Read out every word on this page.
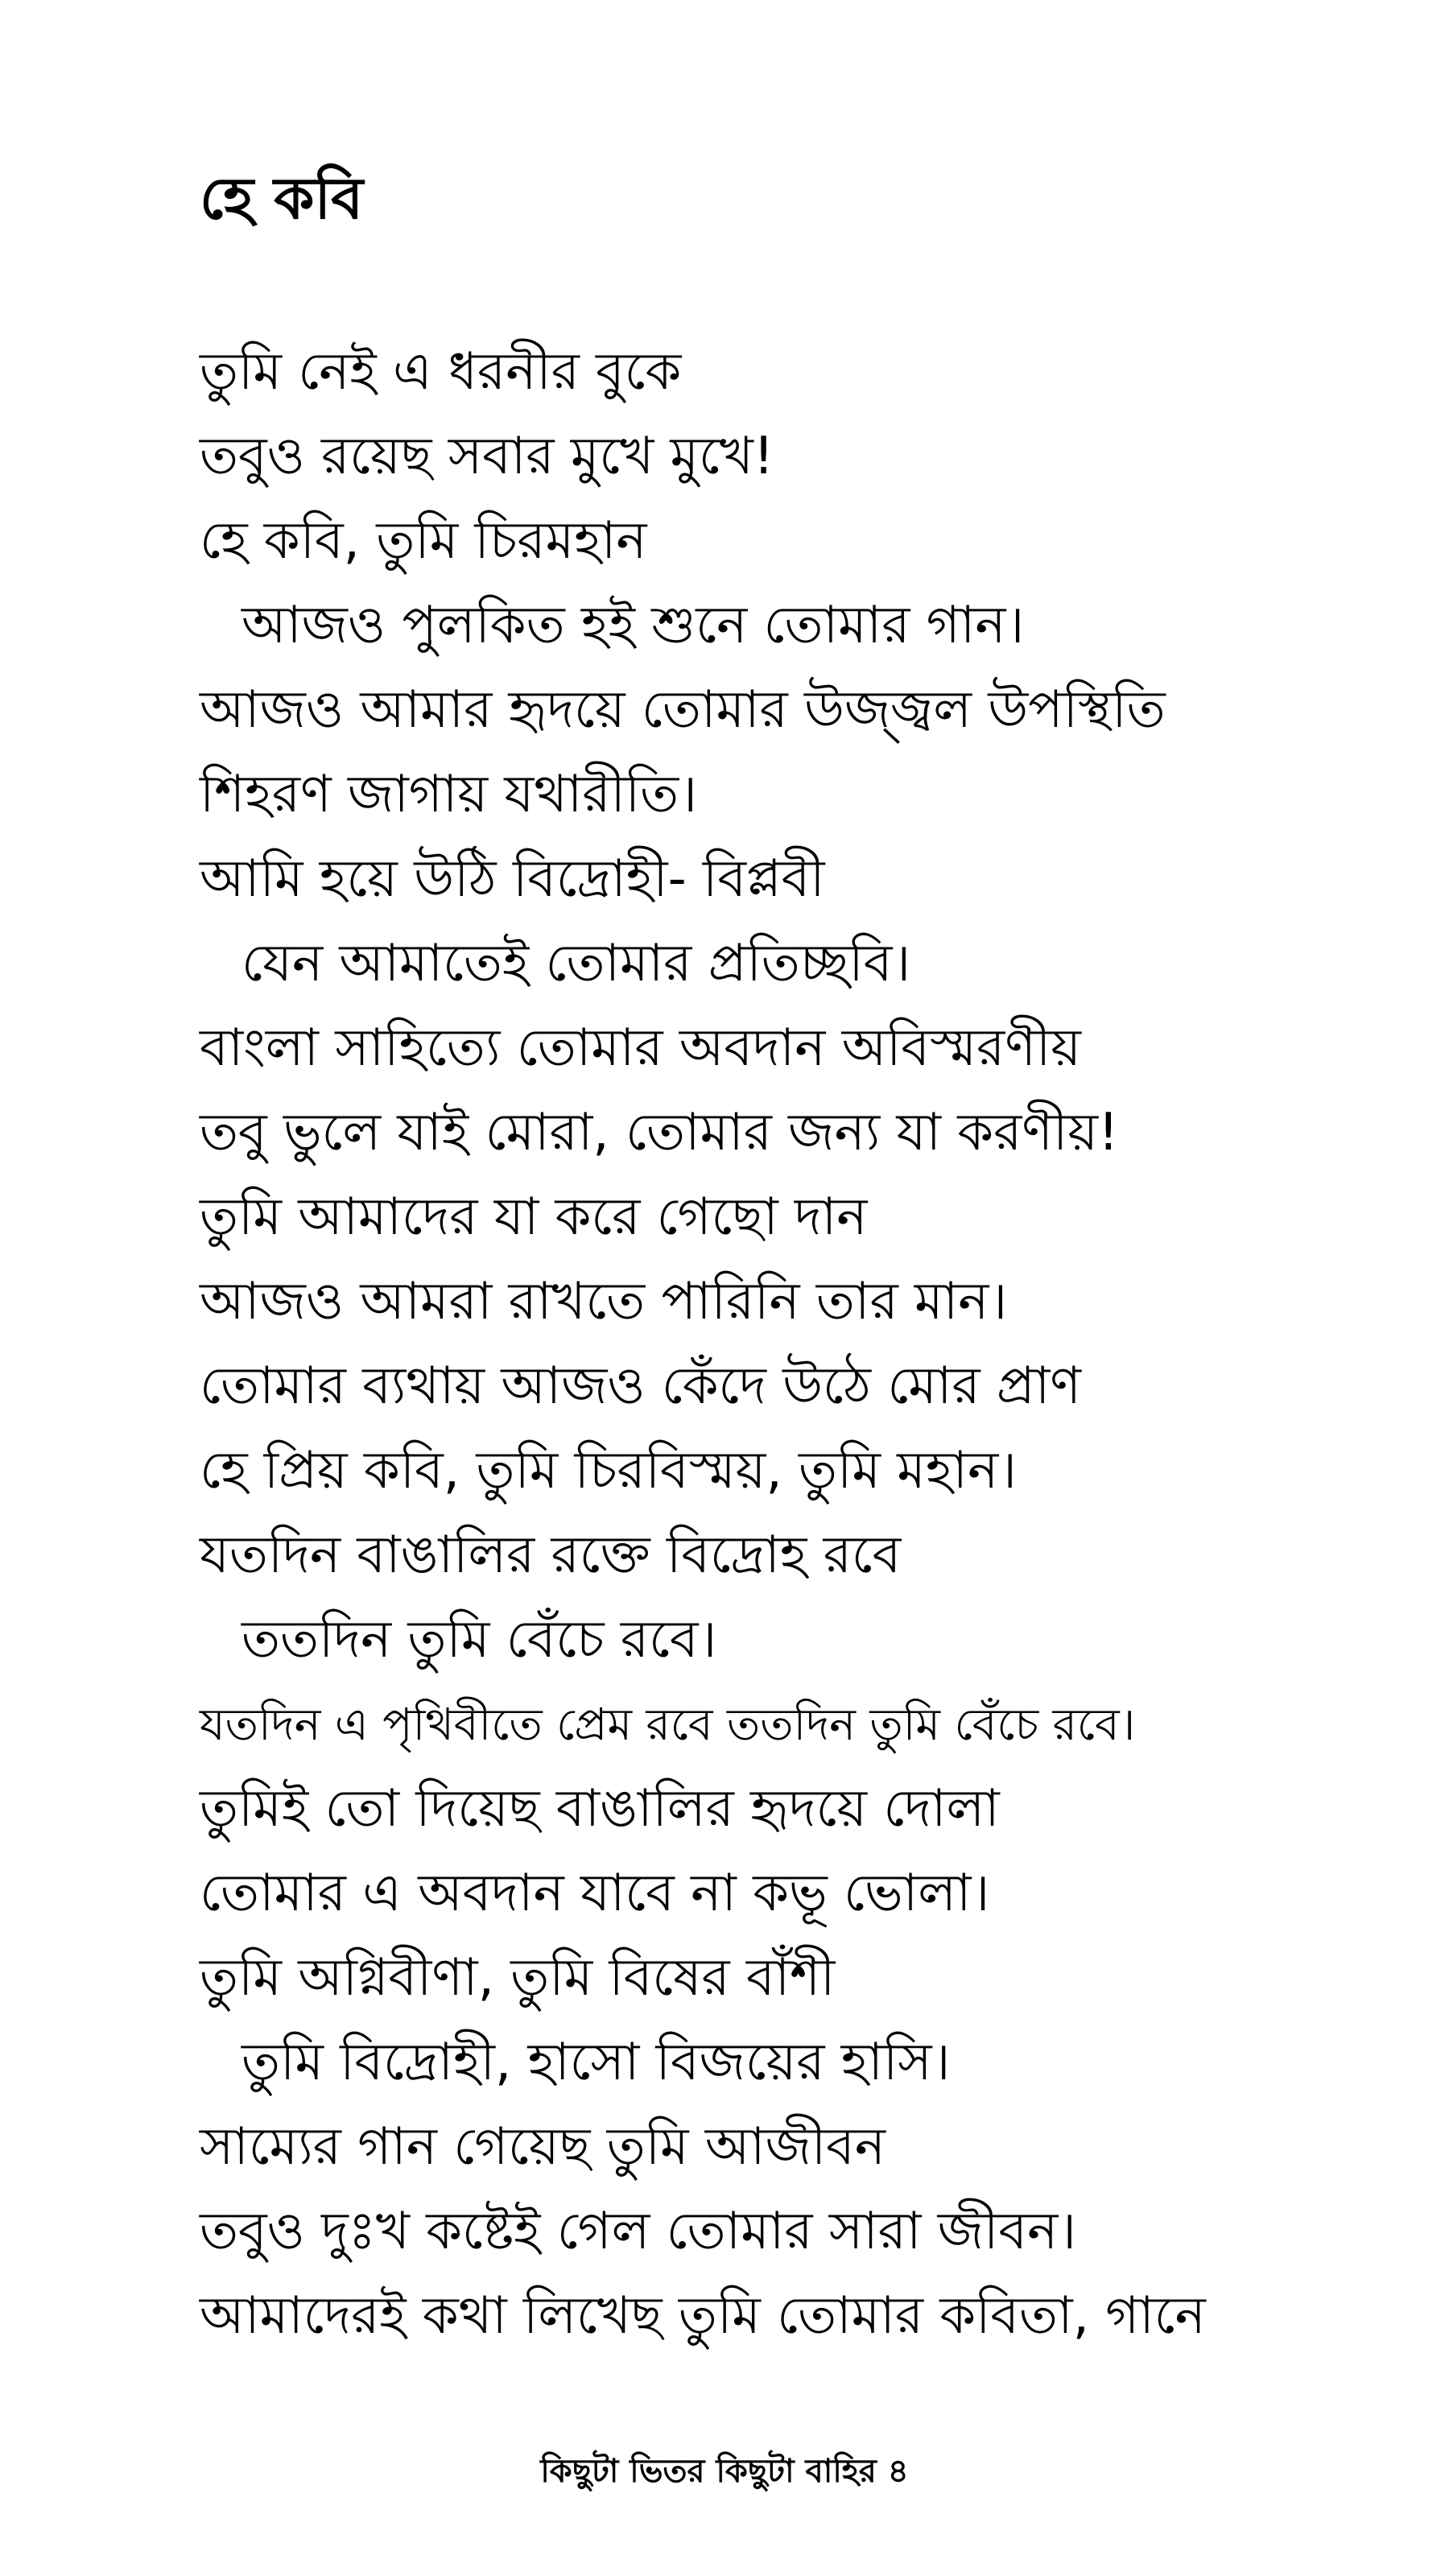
হে কবি
তুমি নেই এ ধরনীর বুকে
তবুও রয়েছ সবার মুখে মুখে!
হে কবি, তুমি চিরমহান
আজও পুলকিত হই শুনে তোমার গান।
আজও আমার হৃদয়ে তোমার উজ্জ্বল উপস্থিতি
শিহরণ জাগায় যথারীতি।
আমি হয়ে উঠি বিদ্রোহী- বিপ্লবী
যেন আমাতেই তোমার প্রতিচ্ছবি।
বাংলা সাহিত্যে তোমার অবদান অবিস্মরণীয়
তবু ভুলে যাই মোরা, তোমার জন্য যা করণীয়!
তুমি আমাদের যা করে গেছো দান
আজও আমরা রাখতে পারিনি তার মান।
তোমার ব্যথায় আজও কেঁদে উঠে মোর প্রাণ
হে প্রিয় কবি, তুমি চিরবিস্ময়, তুমি মহান।
যতদিন বাঙালির রক্তে বিদ্রোহ রবে
ততদিন তুমি বেঁচে রবে।
যতদিন এ পৃথিবীতে প্রেম রবে ততদিন তুমি বেঁচে রবে।
তুমিই তো দিয়েছ বাঙালির হৃদয়ে দোলা
তোমার এ অবদান যাবে না কভূ ভোলা।
তুমি অগ্নিবীণা, তুমি বিষের বাঁশী
তুমি বিদ্রোহী, হাসো বিজয়ের হাসি।
সাম্যের গান গেয়েছ তুমি আজীবন
তবুও দুঃখ কষ্টেই গেল তোমার সারা জীবন।
আমাদেরই কথা লিখেছ তুমি তোমার কবিতা, গানে
কিছুটা ভিতর কিছুটা বাহির ৪
